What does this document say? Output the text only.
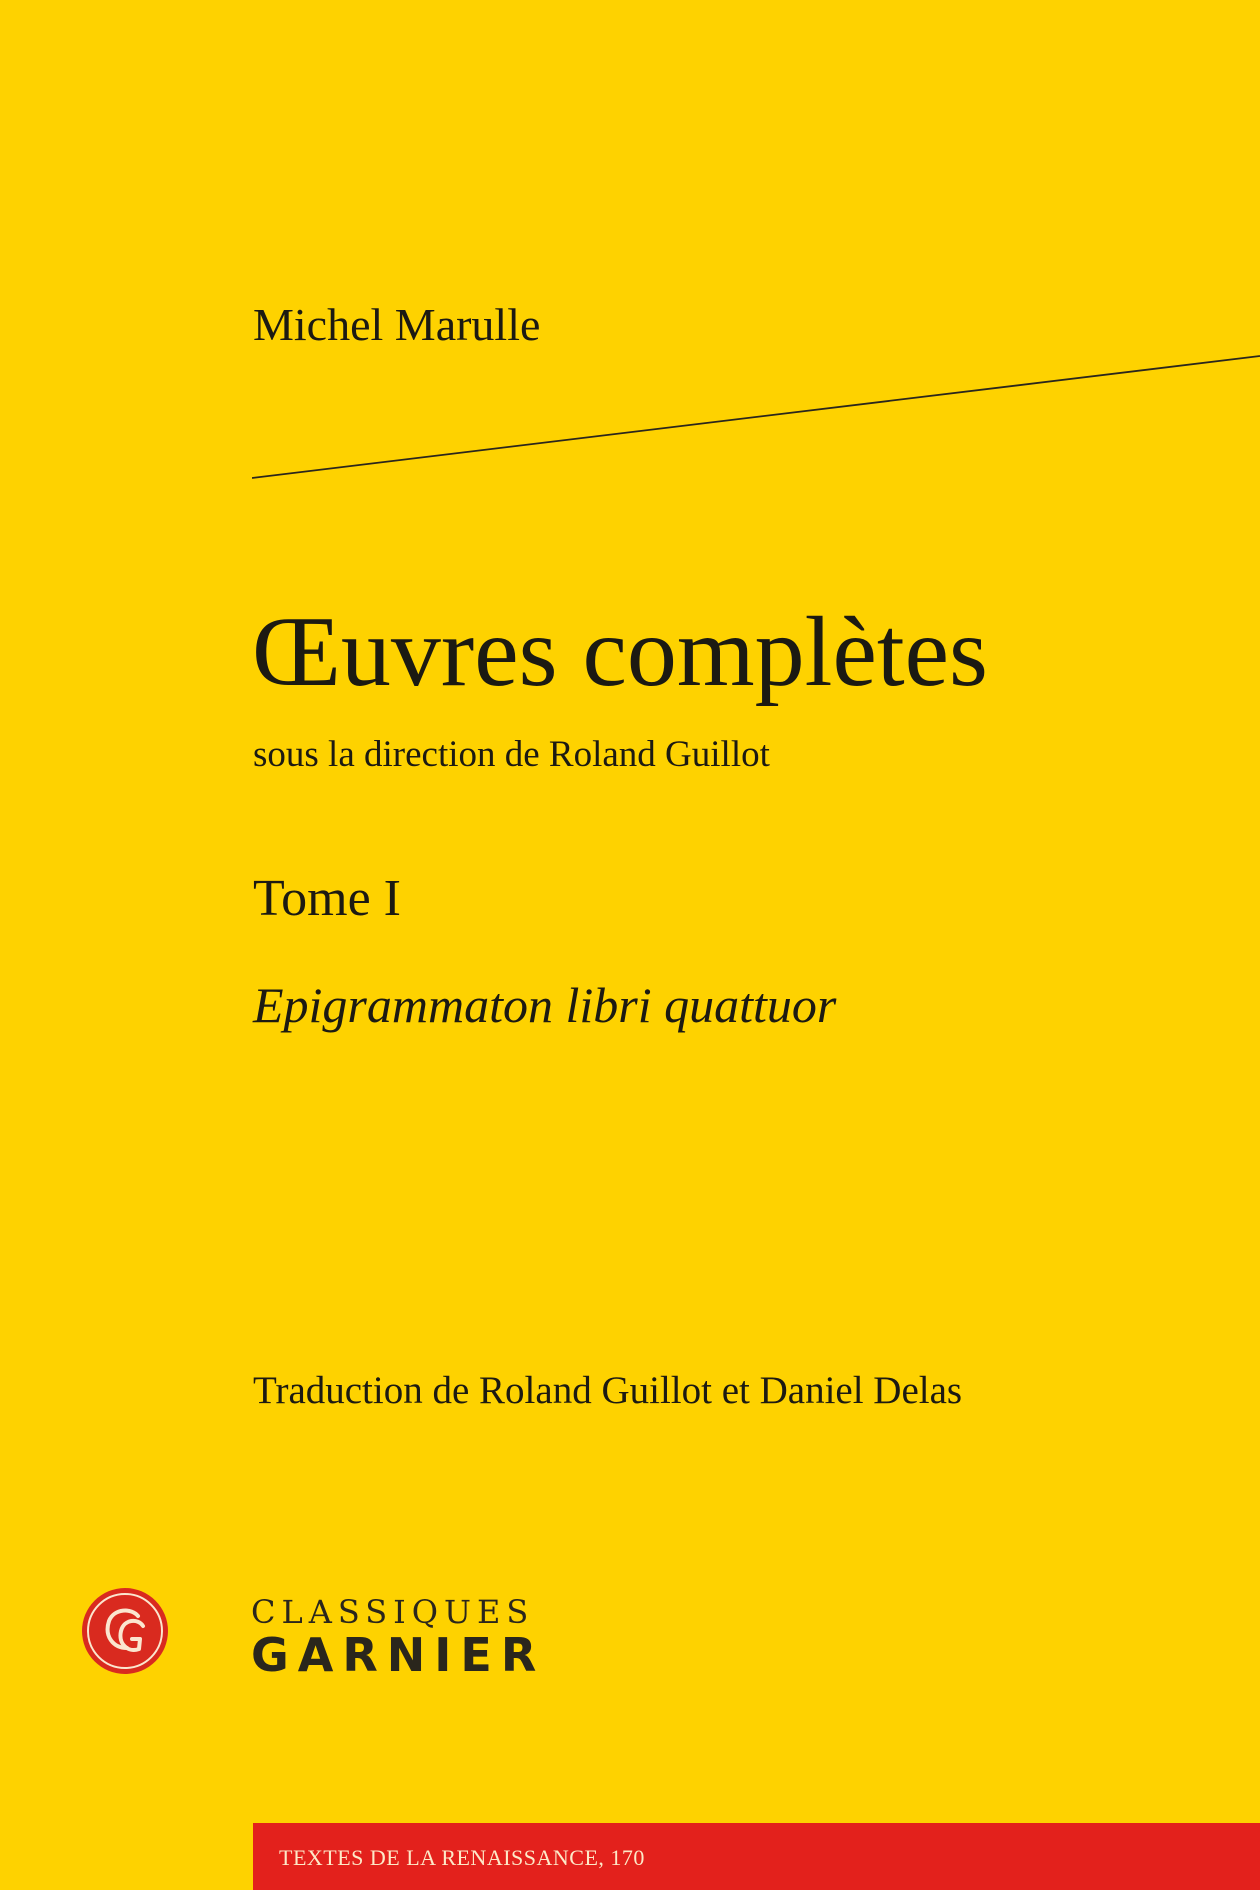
Michel Marulle
Œuvres complètes

sous la direction de Roland Guillot

Tome I

Epigrammaton libri quattuor

Traduction de Roland Guillot et Daniel Delas

CLASSIQUES
GARNIER
TEXTES DE LA RENAISSANCE, 170
